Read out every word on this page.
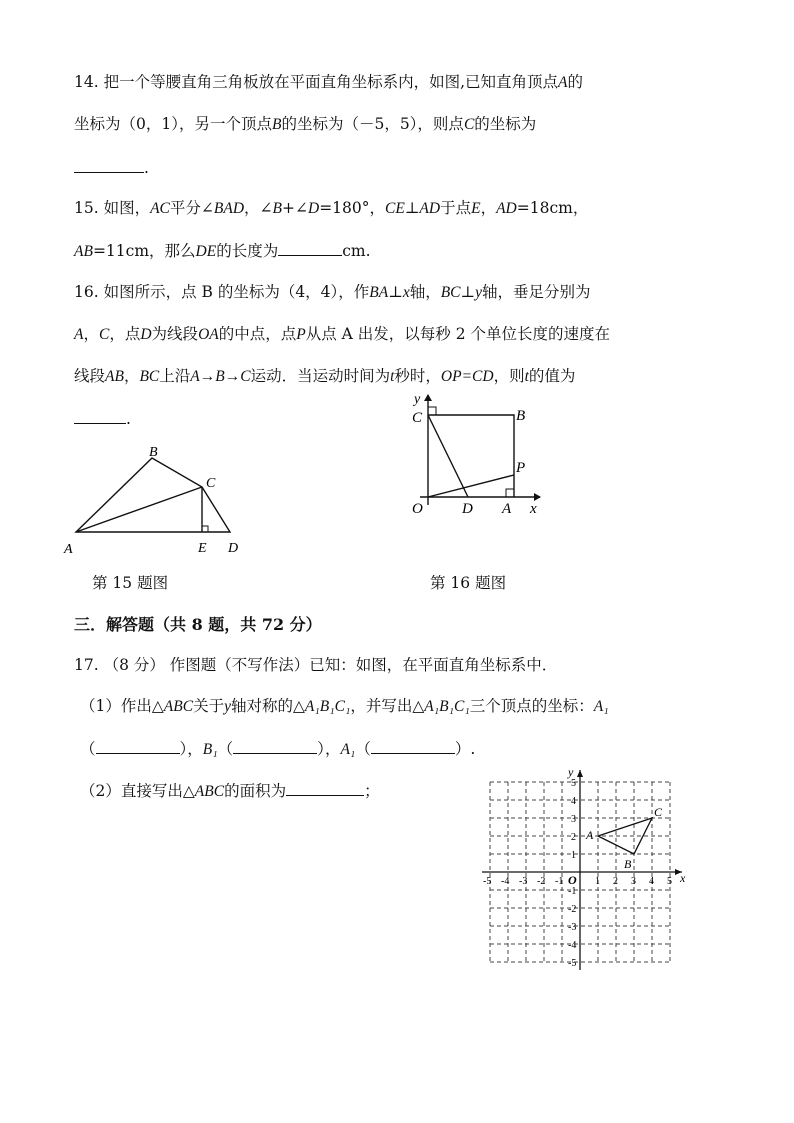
14. 把一个等腰直角三角板放在平面直角坐标系内，如图,已知直角顶点A的
坐标为（0，1），另一个顶点B的坐标为（－5，5），则点C的坐标为
.
15. 如图，AC平分∠BAD，∠B+∠D=180°，CE⊥AD于点E，AD=18cm，
AB=11cm，那么DE的长度为	cm.
16. 如图所示，点 B 的坐标为（4，4），作BA⊥x轴，BC⊥y轴，垂足分别为
A，C，点D为线段OA的中点，点P从点 A 出发，以每秒 2 个单位长度的速度在
线段AB，BC上沿A→B→C运动．当运动时间为t秒时，OP=CD，则t的值为
.
A
B
C
E D
第 15 题图
y
C	B
P
O	D A x
第 16 题图
三．解答题（共 8 题，共 72 分）
17. （8 分） 作图题（不写作法）已知：如图，在平面直角坐标系中．
（1）作出△ABC关于y轴对称的△A₁B₁C₁，并写出△A₁B₁C₁三个顶点的坐标：A₁
（	），B₁（	），A₁（	）.
（2）直接写出△ABC的面积为	；
x
y
O
-5 -4 -3 -2 -1	1 2 3 4 5
5
4
3
2
1
-1
-2
-3
-4
-5
A
B
C
